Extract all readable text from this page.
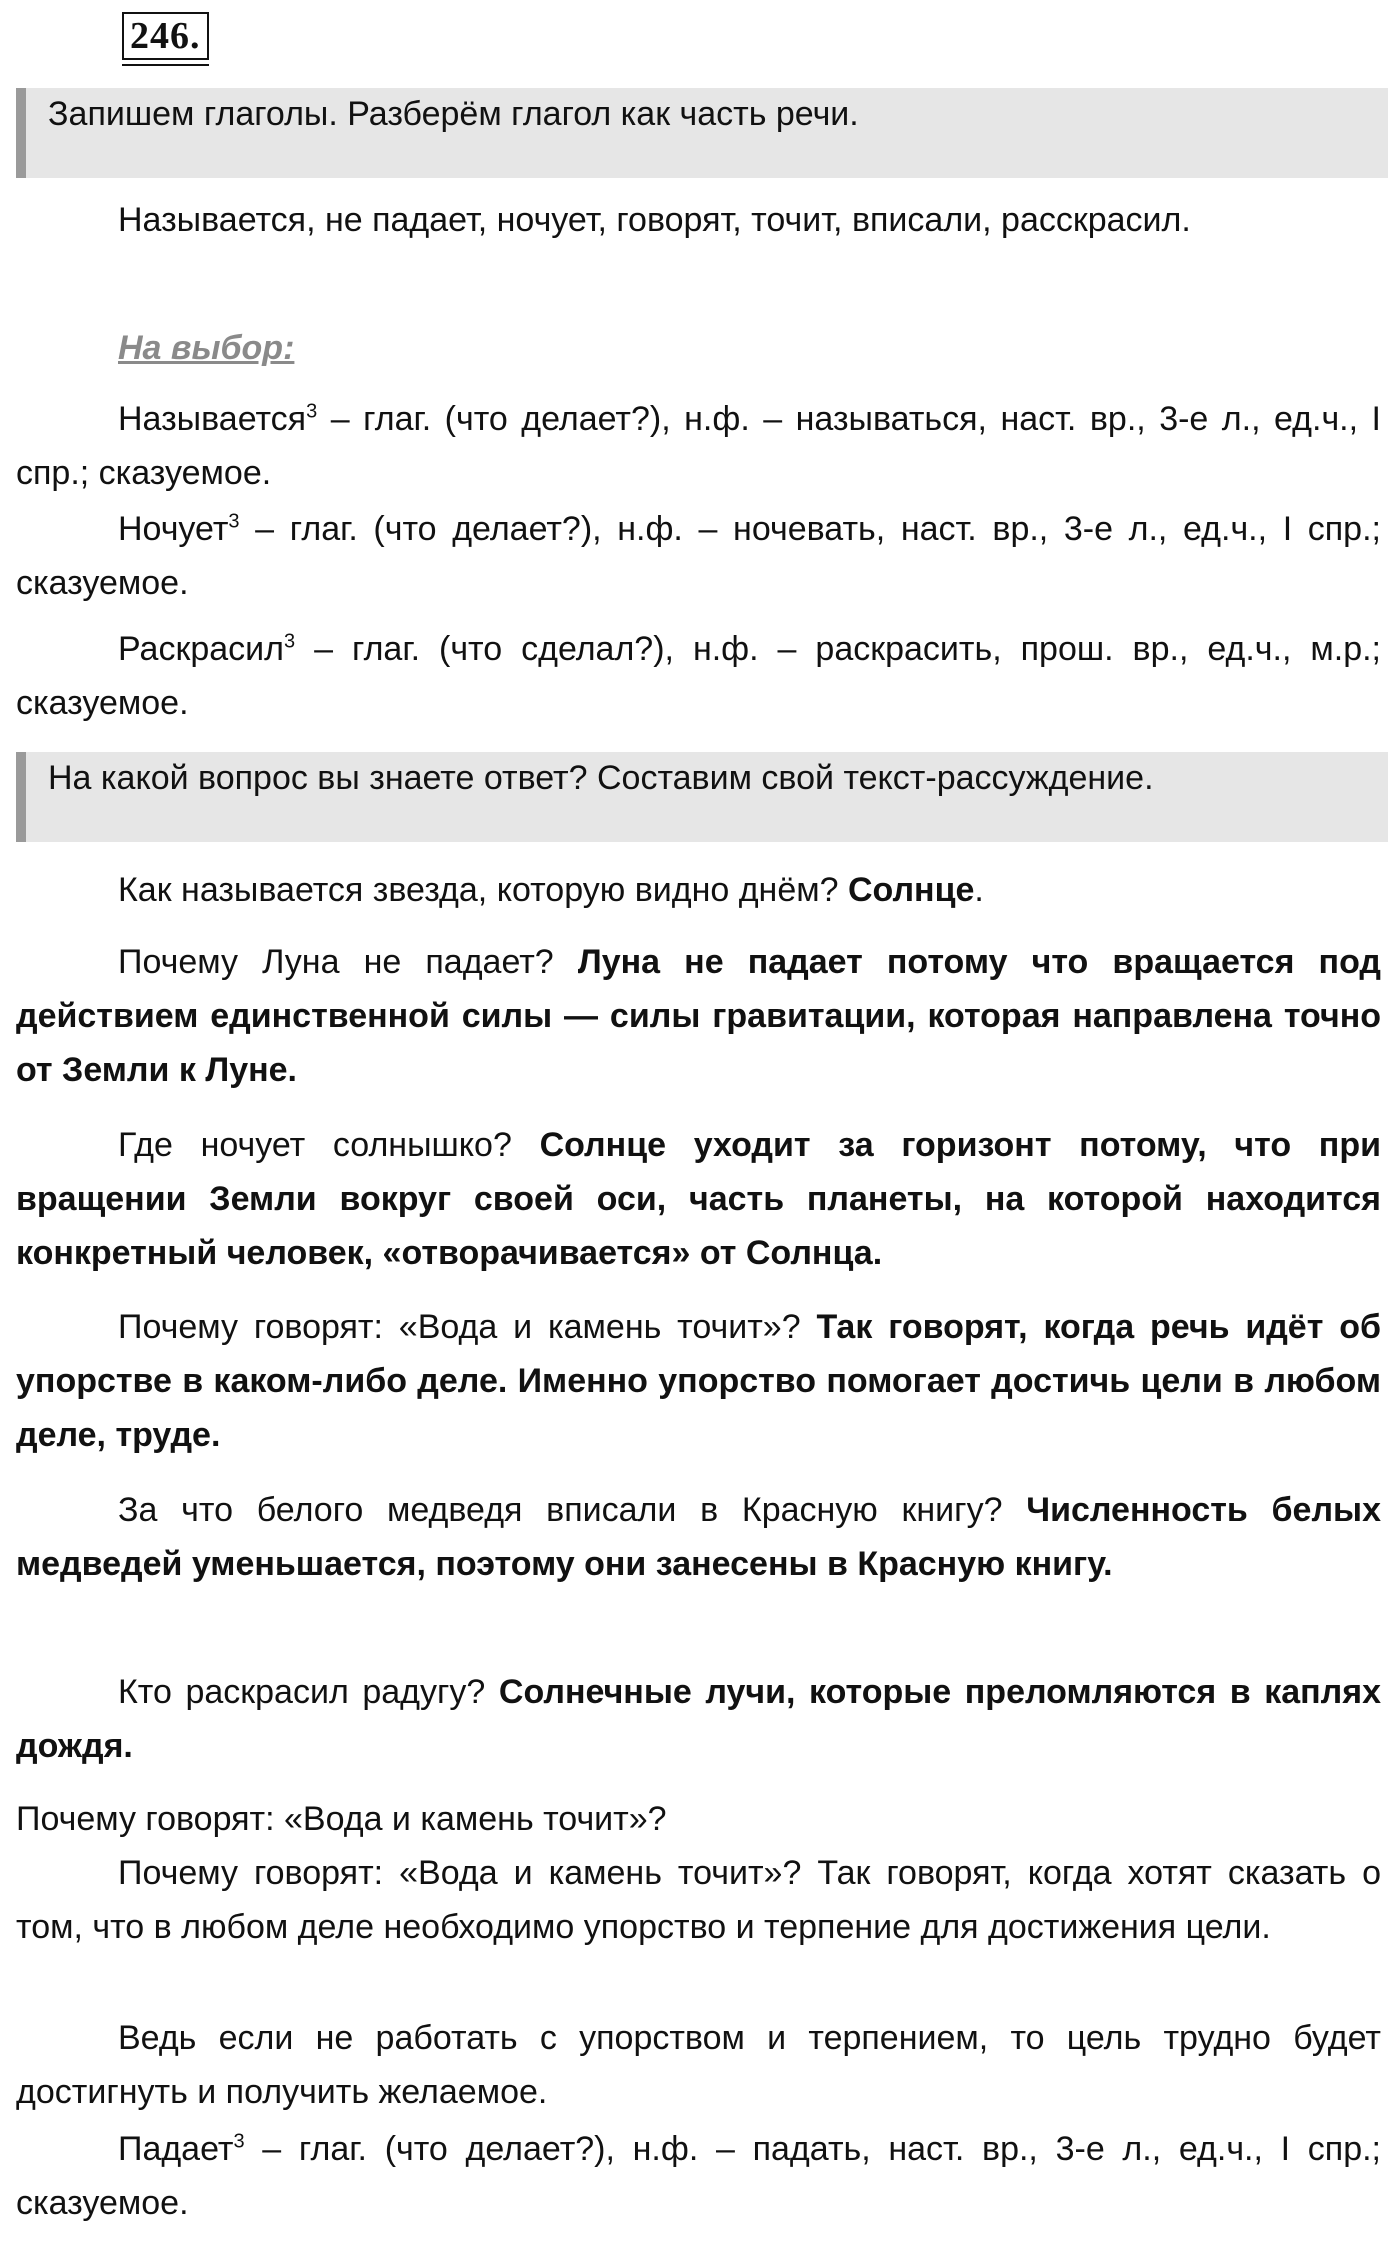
246.
Запишем глаголы. Разберём глагол как часть речи.
Называется, не падает, ночует, говорят, точит, вписали, расскрасил.
На выбор:
Называется$^3$ – глаг. (что делает?), н.ф. – называться, наст. вр., 3-е л., ед.ч., I спр.; сказуемое.
Ночует$^3$ – глаг. (что делает?), н.ф. – ночевать, наст. вр., 3-е л., ед.ч., I спр.; сказуемое.
Раскрасил$^3$ – глаг. (что сделал?), н.ф. – раскрасить, прош. вр., ед.ч., м.р.; сказуемое.
На какой вопрос вы знаете ответ? Составим свой текст-рассуждение.
Как называется звезда, которую видно днём? Солнце.
Почему Луна не падает? Луна не падает потому что вращается под действием единственной силы — силы гравитации, которая направлена точно от Земли к Луне.
Где ночует солнышко? Солнце уходит за горизонт потому, что при вращении Земли вокруг своей оси, часть планеты, на которой находится конкретный человек, «отворачивается» от Солнца.
Почему говорят: «Вода и камень точит»? Так говорят, когда речь идёт об упорстве в каком-либо деле. Именно упорство помогает достичь цели в любом деле, труде.
За что белого медведя вписали в Красную книгу? Численность белых медведей уменьшается, поэтому они занесены в Красную книгу.
Кто раскрасил радугу? Солнечные лучи, которые преломляются в каплях дождя.
Почему говорят: «Вода и камень точит»?
Почему говорят: «Вода и камень точит»? Так говорят, когда хотят сказать о том, что в любом деле необходимо упорство и терпение для достижения цели.
Ведь если не работать с упорством и терпением, то цель трудно будет достигнуть и получить желаемое.
Падает$^3$ – глаг. (что делает?), н.ф. – падать, наст. вр., 3-е л., ед.ч., I спр.; сказуемое.
